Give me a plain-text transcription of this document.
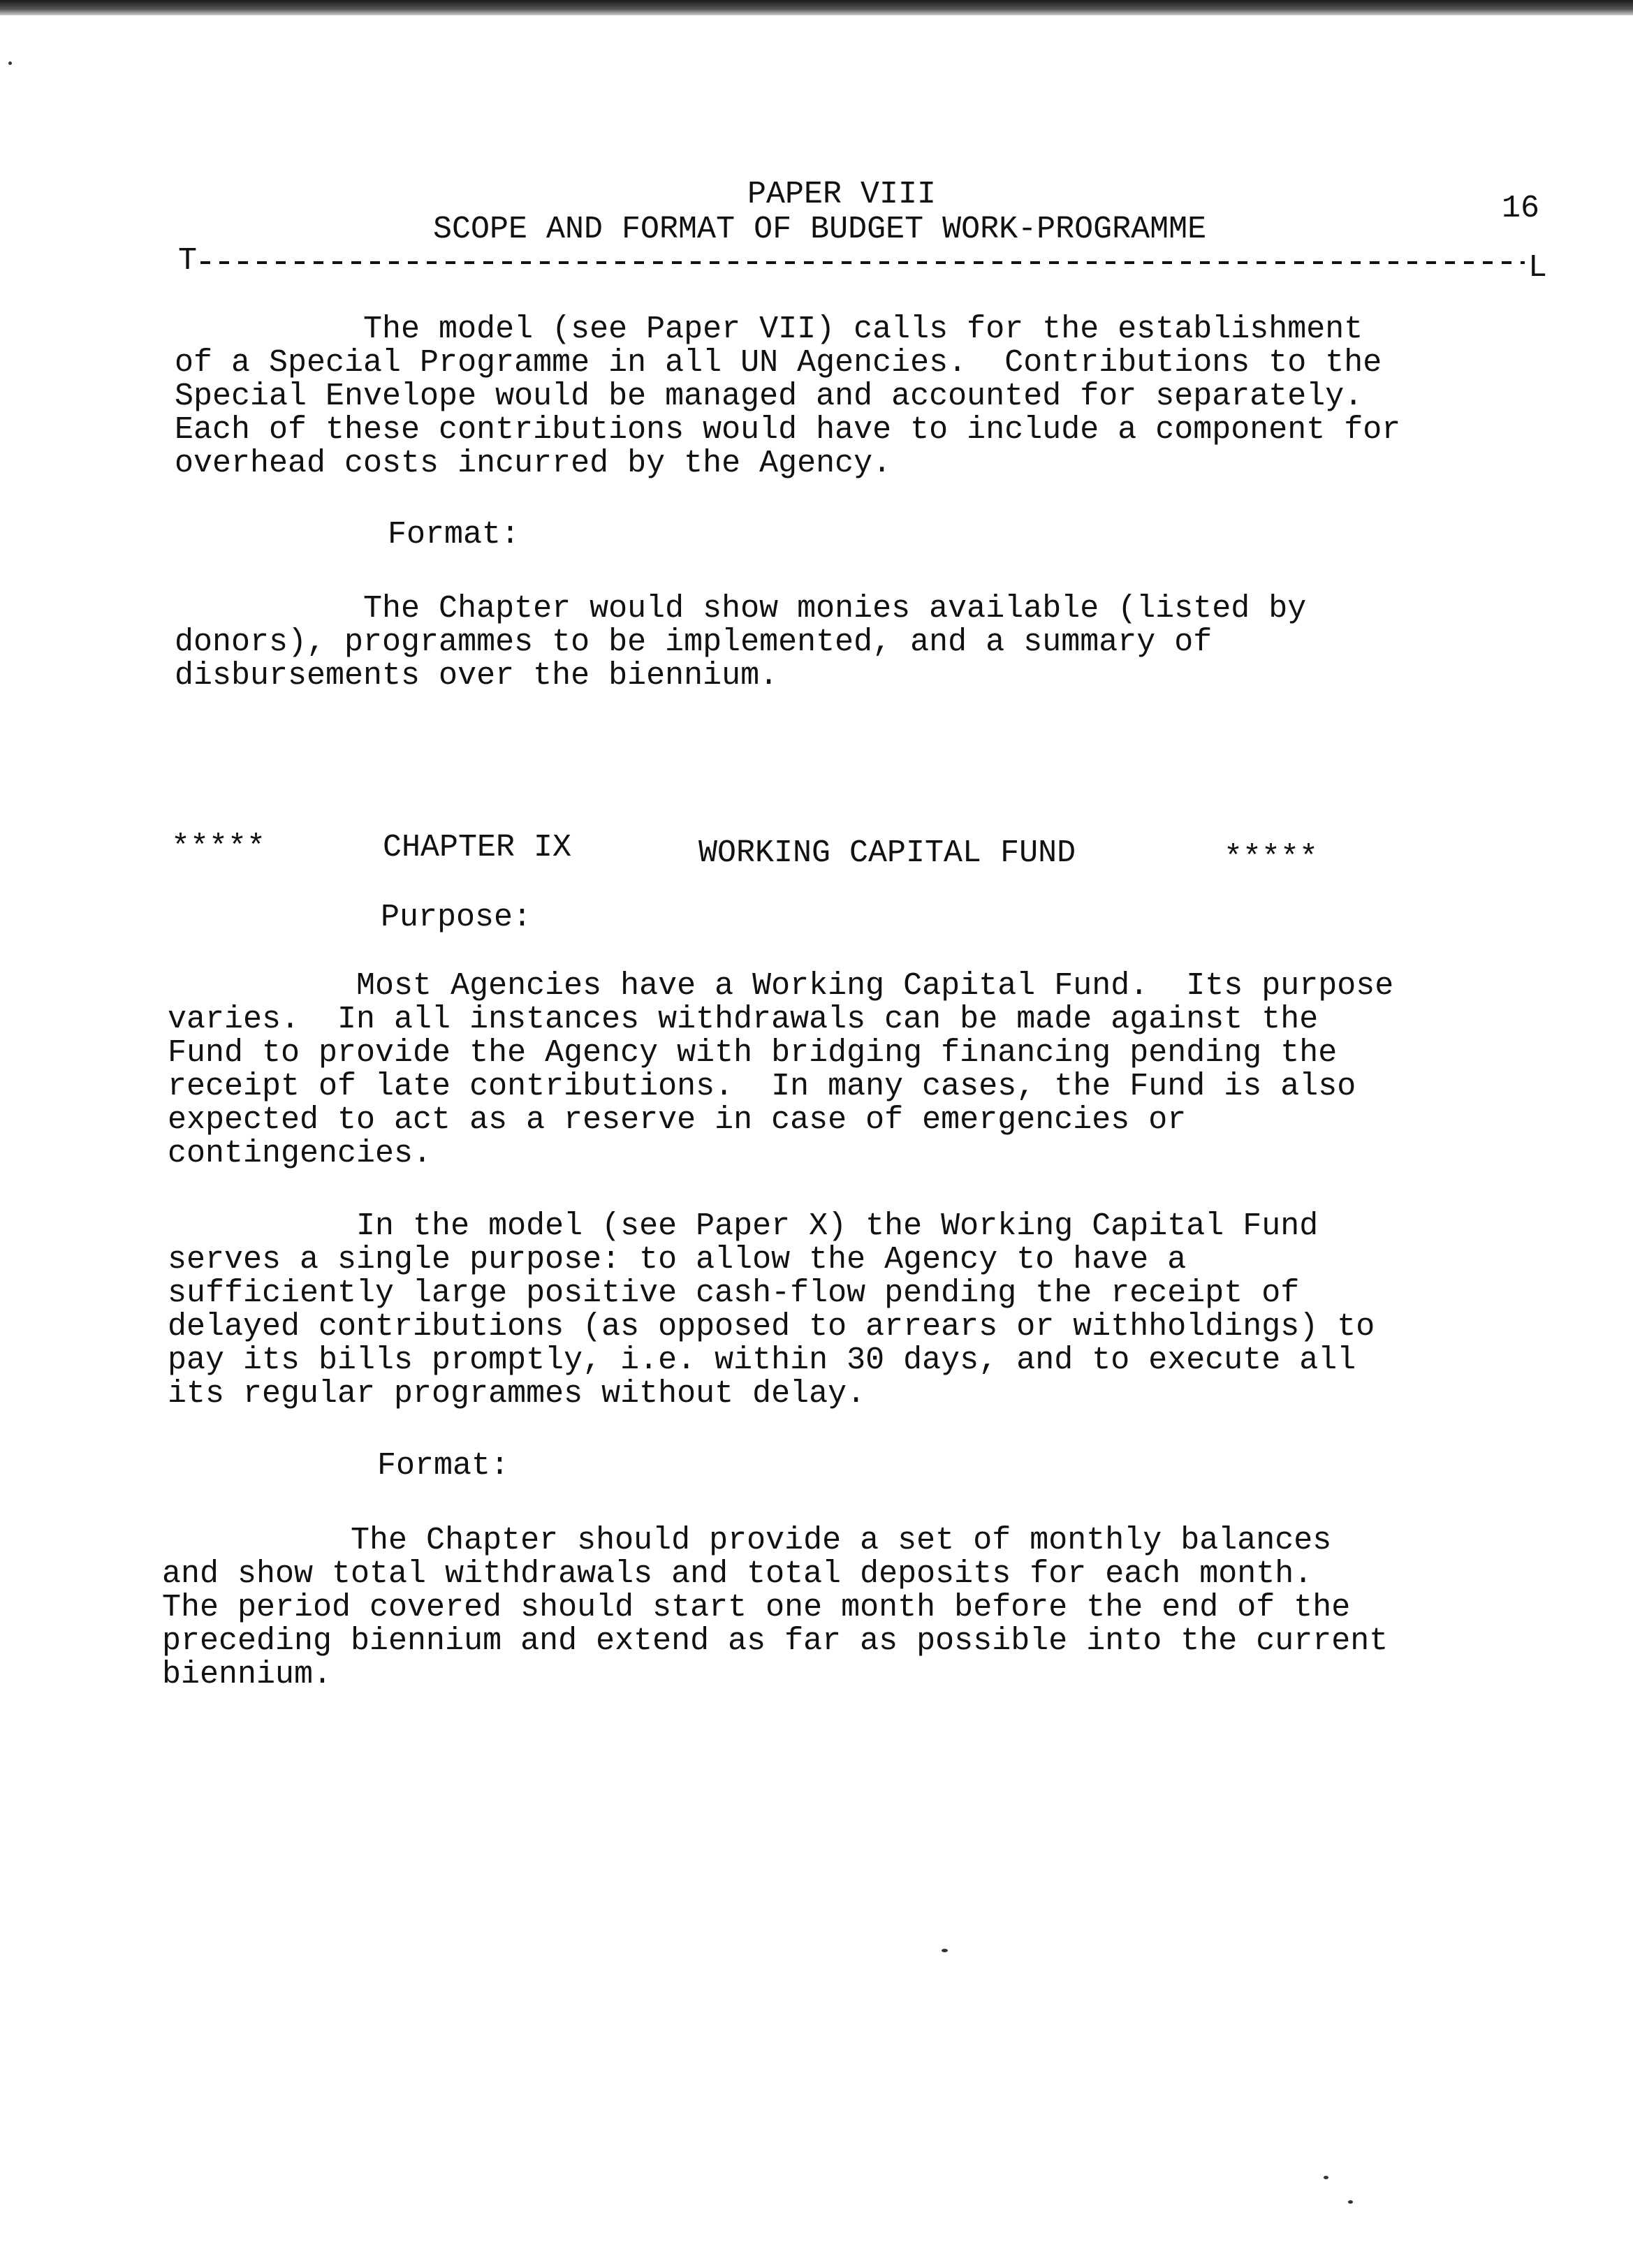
PAPER VIII
SCOPE AND FORMAT OF BUDGET WORK-PROGRAMME
16

T

	L

The model (see Paper VII) calls for the establishment
of a Special Programme in all UN Agencies.  Contributions to the
Special Envelope would be managed and accounted for separately.
Each of these contributions would have to include a component for
overhead costs incurred by the Agency.
Format:
The Chapter would show monies available (listed by
donors), programmes to be implemented, and a summary of
disbursements over the biennium.
*****	CHAPTER IX	WORKING CAPITAL FUND	*****
Purpose:
Most Agencies have a Working Capital Fund.  Its purpose
varies.  In all instances withdrawals can be made against the
Fund to provide the Agency with bridging financing pending the
receipt of late contributions.  In many cases, the Fund is also
expected to act as a reserve in case of emergencies or
contingencies.
In the model (see Paper X) the Working Capital Fund
serves a single purpose: to allow the Agency to have a
sufficiently large positive cash-flow pending the receipt of
delayed contributions (as opposed to arrears or withholdings) to
pay its bills promptly, i.e. within 30 days, and to execute all
its regular programmes without delay.
Format:
The Chapter should provide a set of monthly balances
and show total withdrawals and total deposits for each month.
The period covered should start one month before the end of the
preceding biennium and extend as far as possible into the current
biennium.
